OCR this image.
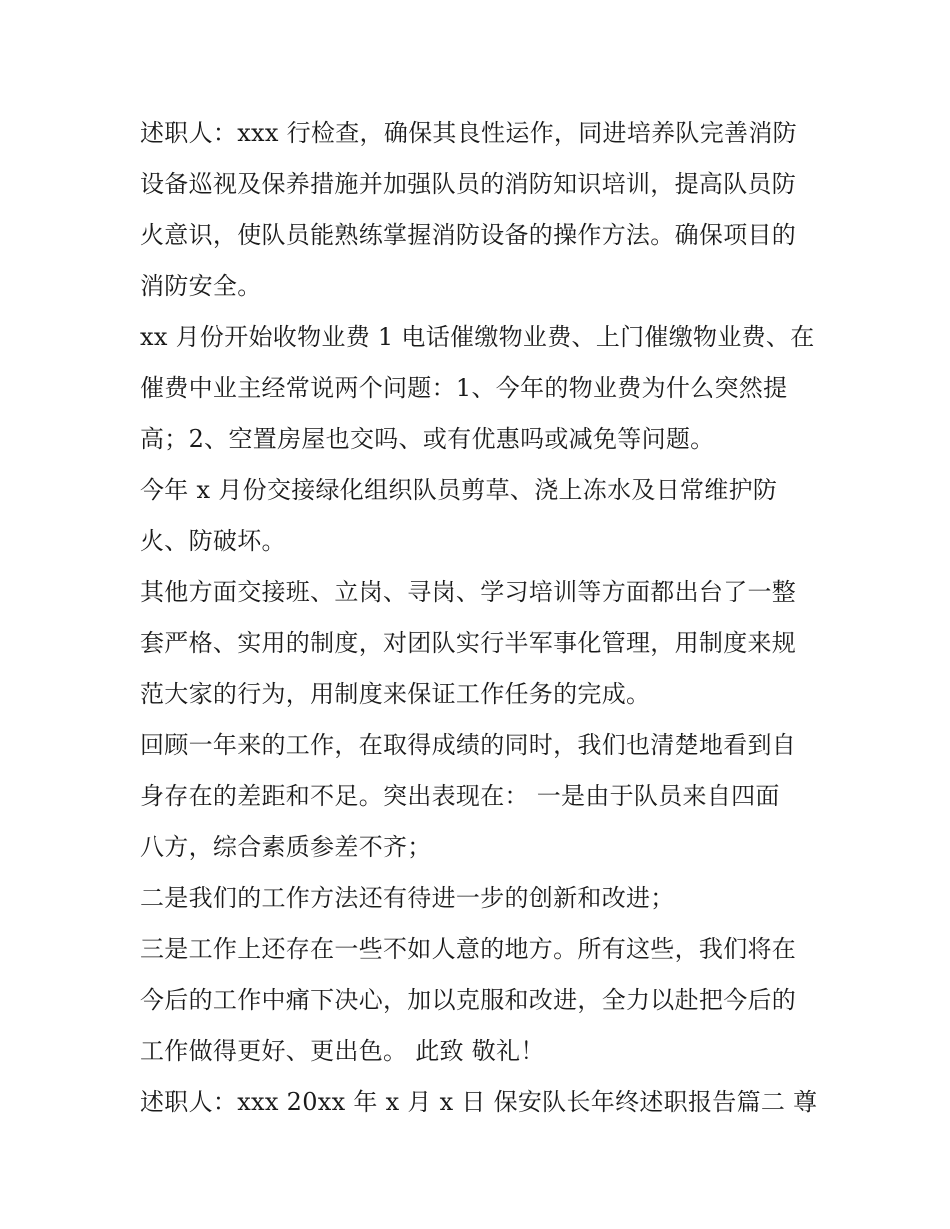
述职人：xxx 行检查，确保其良性运作，同进培养队完善消防
设备巡视及保养措施并加强队员的消防知识培训，提高队员防
火意识，使队员能熟练掌握消防设备的操作方法。确保项目的
消防安全。
xx 月份开始收物业费 1 电话催缴物业费、上门催缴物业费、在
催费中业主经常说两个问题：1、今年的物业费为什么突然提
高；2、空置房屋也交吗、或有优惠吗或减免等问题。
今年 x 月份交接绿化组织队员剪草、浇上冻水及日常维护防
火、防破坏。
其他方面交接班、立岗、寻岗、学习培训等方面都出台了一整
套严格、实用的制度，对团队实行半军事化管理，用制度来规
范大家的行为，用制度来保证工作任务的完成。
回顾一年来的工作，在取得成绩的同时，我们也清楚地看到自
身存在的差距和不足。突出表现在： 一是由于队员来自四面
八方，综合素质参差不齐；
二是我们的工作方法还有待进一步的创新和改进；
三是工作上还存在一些不如人意的地方。所有这些，我们将在
今后的工作中痛下决心，加以克服和改进，全力以赴把今后的
工作做得更好、更出色。 此致 敬礼！
述职人：xxx 20xx 年 x 月 x 日 保安队长年终述职报告篇二 尊
